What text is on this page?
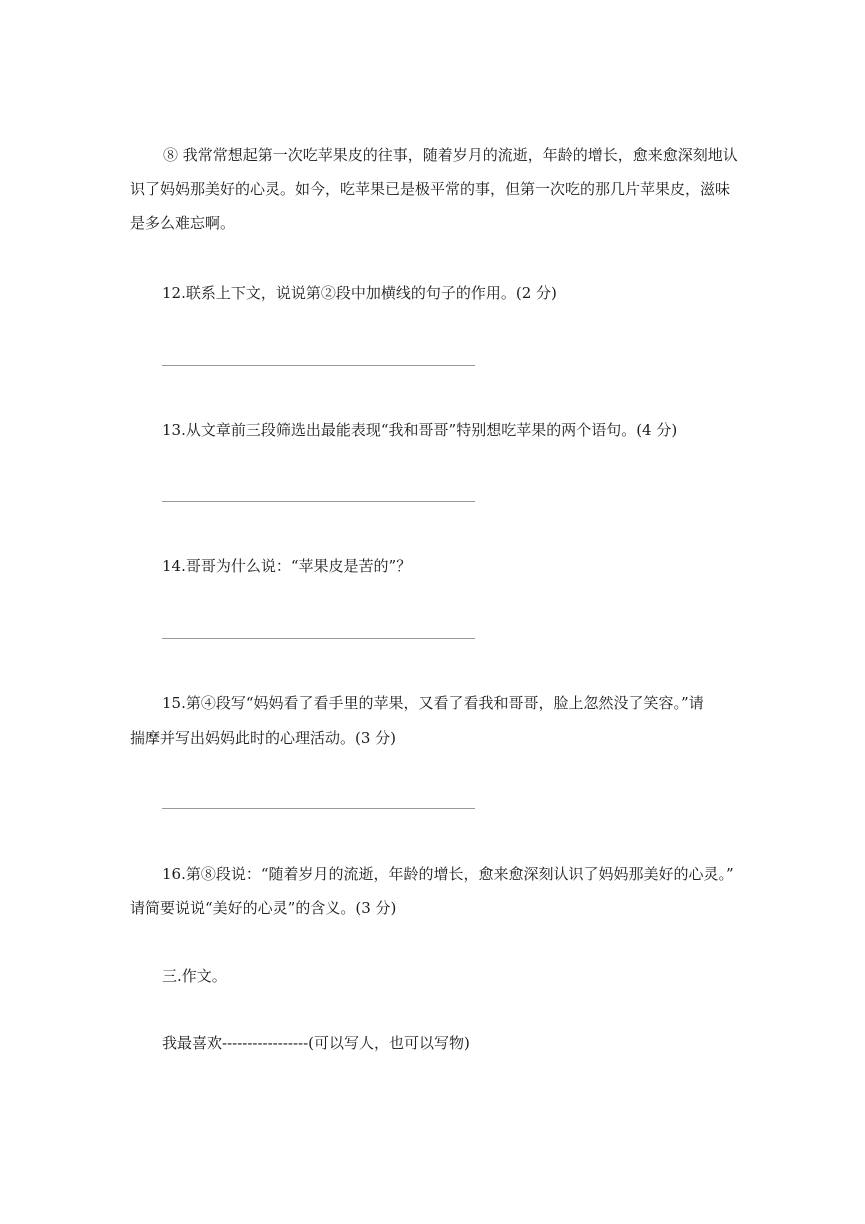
⑧ 我常常想起第一次吃苹果皮的往事，随着岁月的流逝，年龄的增长，愈来愈深刻地认识了妈妈那美好的心灵。如今，吃苹果已是极平常的事，但第一次吃的那几片苹果皮，滋味是多么难忘啊。
12.联系上下文，说说第②段中加横线的句子的作用。(2 分)
13.从文章前三段筛选出最能表现“我和哥哥”特别想吃苹果的两个语句。(4 分)
14.哥哥为什么说：“苹果皮是苦的”？
15.第④段写“妈妈看了看手里的苹果，又看了看我和哥哥，脸上忽然没了笑容。”请
揣摩并写出妈妈此时的心理活动。(3 分)
16.第⑧段说：“随着岁月的流逝，年龄的增长，愈来愈深刻认识了妈妈那美好的心灵。”
请简要说说“美好的心灵”的含义。(3 分)
三.作文。
我最喜欢-----------------(可以写人，也可以写物)
